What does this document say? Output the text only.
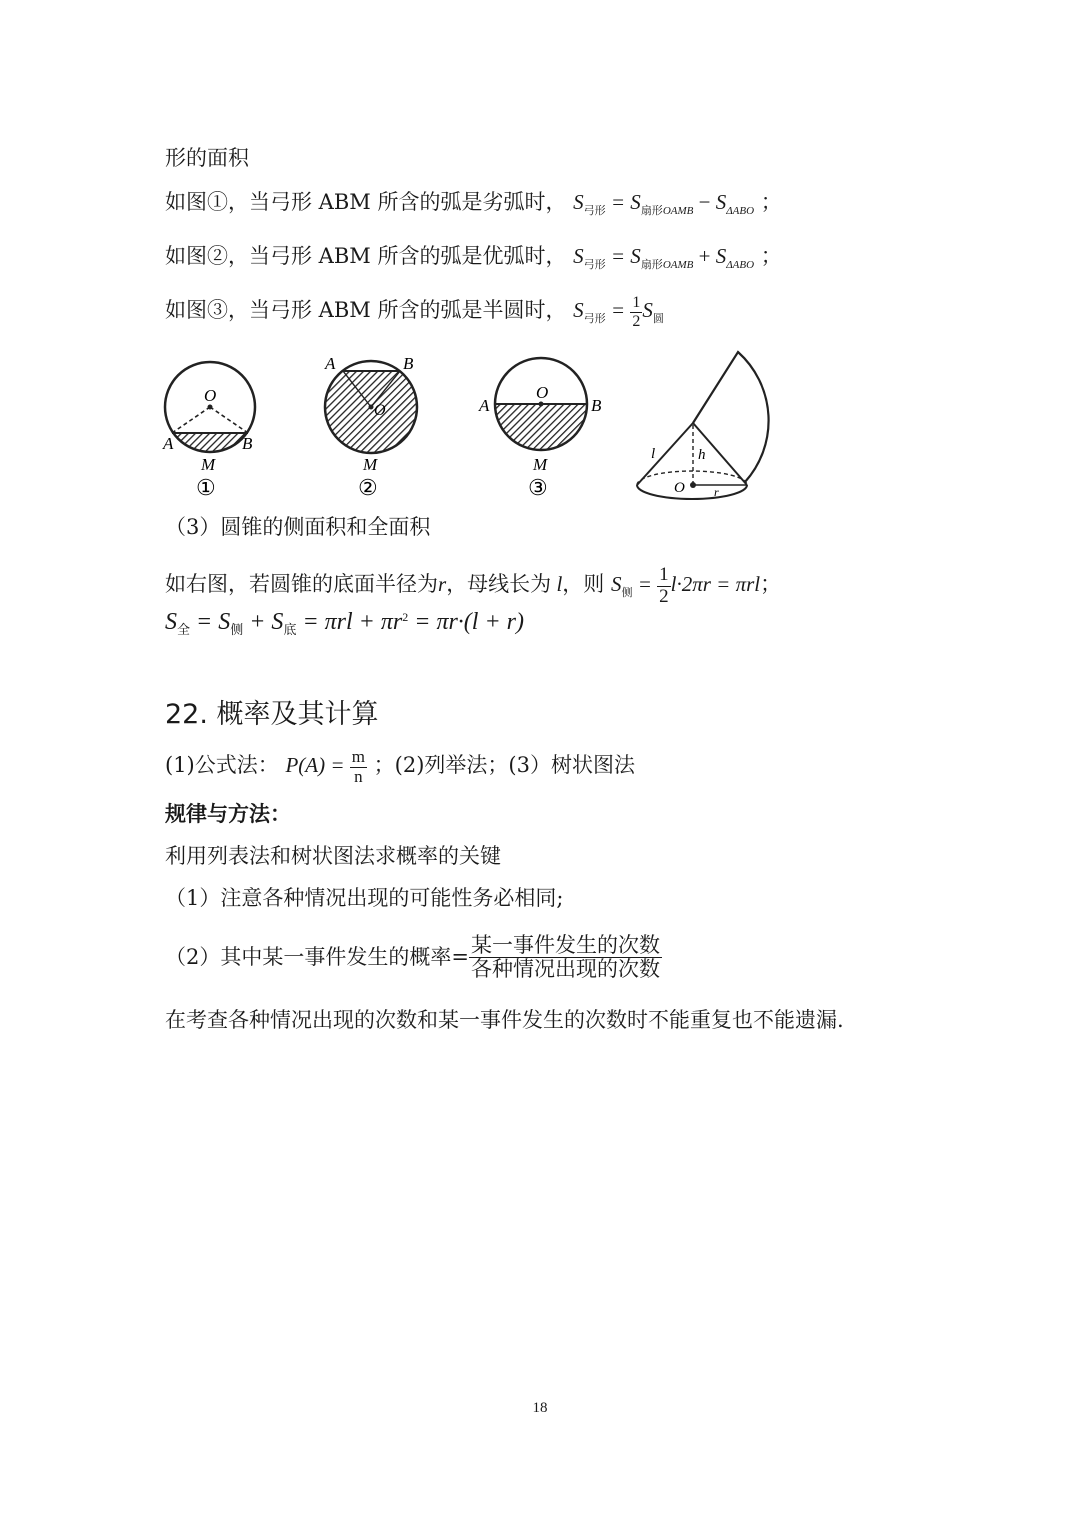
形的面积
如图①，当弓形 ABM 所含的弧是劣弧时， $S_{弓形} = S_{扇形OAMB} - S_{\Delta ABO}$ ；
如图②，当弓形 ABM 所含的弧是优弧时， $S_{弓形} = S_{扇形OAMB} + S_{\Delta ABO}$ ；
如图③，当弓形 ABM 所含的弧是半圆时， $S_{弓形} = \frac{1}{2} S_圆$
O
A	B
M
①
O
A	B
M
②
O
A	B
M
③
l	h
O r
（3）圆锥的侧面积和全面积
如右图，若圆锥的底面半径为r，母线长为 l，则 $S_侧 = \frac{1}{2} l\cdot 2\pi r = \pi rl$；
$S_全 = S_侧 + S_底 = \pi rl + \pi r^2 = \pi r\cdot(l + r)$
22. 概率及其计算
(1)公式法： $P(A) = \frac{m}{n}$ ；(2)列举法；(3）树状图法
规律与方法：
利用列表法和树状图法求概率的关键
（1）注意各种情况出现的可能性务必相同;
（2）其中某一事件发生的概率= $\frac{\text{某一事件发生的次数}}{\text{各种情况出现的次数}}$
在考查各种情况出现的次数和某一事件发生的次数时不能重复也不能遗漏.
18
